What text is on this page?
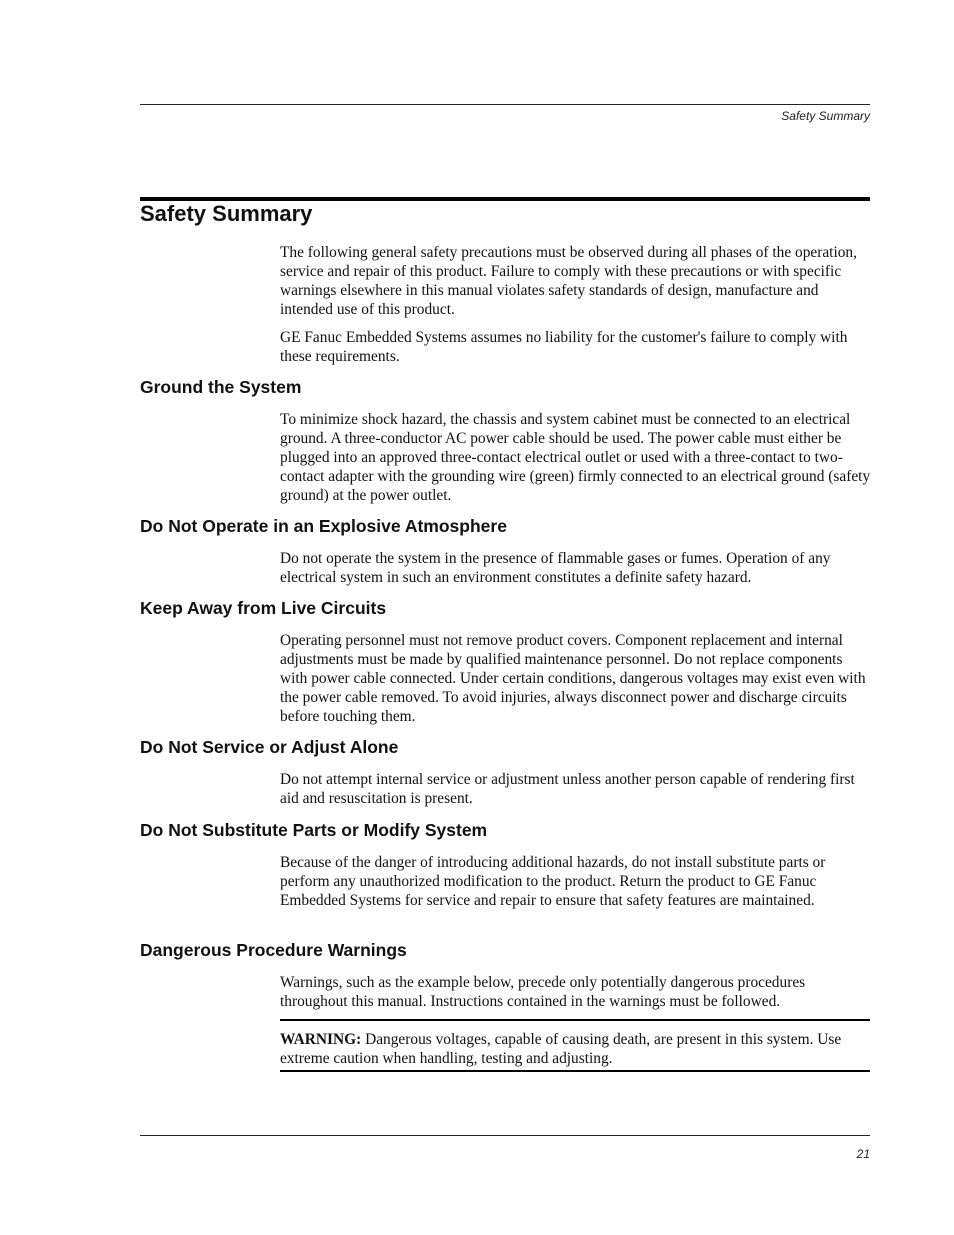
Safety Summary
Safety Summary

The following general safety precautions must be observed during all phases of the operation, service and repair of this product. Failure to comply with these precautions or with specific warnings elsewhere in this manual violates safety standards of design, manufacture and intended use of this product.

GE Fanuc Embedded Systems assumes no liability for the customer's failure to comply with these requirements.

Ground the System

To minimize shock hazard, the chassis and system cabinet must be connected to an electrical ground. A three-conductor AC power cable should be used. The power cable must either be plugged into an approved three-contact electrical outlet or used with a three-contact to two-contact adapter with the grounding wire (green) firmly connected to an electrical ground (safety ground) at the power outlet.

Do Not Operate in an Explosive Atmosphere

Do not operate the system in the presence of flammable gases or fumes. Operation of any electrical system in such an environment constitutes a definite safety hazard.

Keep Away from Live Circuits

Operating personnel must not remove product covers. Component replacement and internal adjustments must be made by qualified maintenance personnel. Do not replace components with power cable connected. Under certain conditions, dangerous voltages may exist even with the power cable removed. To avoid injuries, always disconnect power and discharge circuits before touching them.

Do Not Service or Adjust Alone

Do not attempt internal service or adjustment unless another person capable of rendering first aid and resuscitation is present.

Do Not Substitute Parts or Modify System

Because of the danger of introducing additional hazards, do not install substitute parts or perform any unauthorized modification to the product. Return the product to GE Fanuc Embedded Systems for service and repair to ensure that safety features are maintained.

Dangerous Procedure Warnings

Warnings, such as the example below, precede only potentially dangerous procedures throughout this manual. Instructions contained in the warnings must be followed.

WARNING: Dangerous voltages, capable of causing death, are present in this system. Use extreme caution when handling, testing and adjusting.
21
